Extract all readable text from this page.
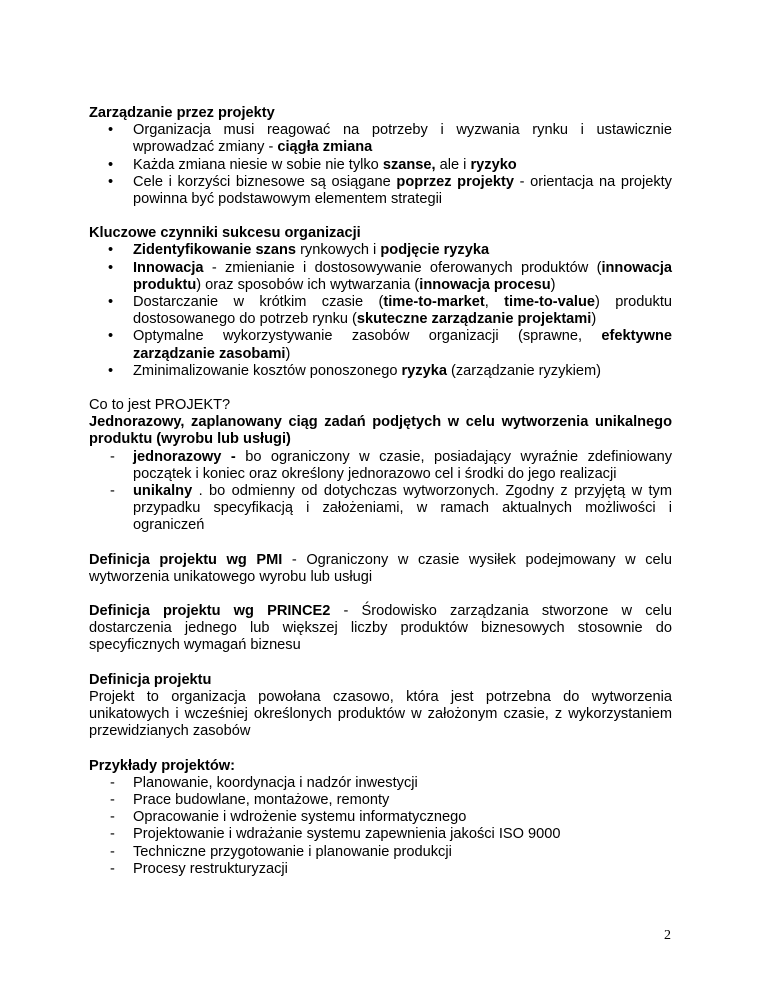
Zarządzanie przez projekty

• Organizacja musi reagować na potrzeby i wyzwania rynku i ustawicznie wprowadzać zmiany - ciągła zmiana
• Każda zmiana niesie w sobie nie tylko szanse, ale i ryzyko
• Cele i korzyści biznesowe są osiągane poprzez projekty - orientacja na projekty powinna być podstawowym elementem strategii

Kluczowe czynniki sukcesu organizacji

• Zidentyfikowanie szans rynkowych i podjęcie ryzyka
• Innowacja - zmienianie i dostosowywanie oferowanych produktów (innowacja produktu) oraz sposobów ich wytwarzania (innowacja procesu)
• Dostarczanie w krótkim czasie (time-to-market, time-to-value) produktu dostosowanego do potrzeb rynku (skuteczne zarządzanie projektami)
• Optymalne wykorzystywanie zasobów organizacji (sprawne, efektywne zarządzanie zasobami)
• Zminimalizowanie kosztów ponoszonego ryzyka (zarządzanie ryzykiem)

Co to jest PROJEKT?

Jednorazowy, zaplanowany ciąg zadań podjętych w celu wytworzenia unikalnego produktu (wyrobu lub usługi)

- jednorazowy - bo ograniczony w czasie, posiadający wyraźnie zdefiniowany początek i koniec oraz określony jednorazowo cel i środki do jego realizacji
- unikalny . bo odmienny od dotychczas wytworzonych. Zgodny z przyjętą w tym przypadku specyfikacją i założeniami, w ramach aktualnych możliwości i ograniczeń

Definicja projektu wg PMI - Ograniczony w czasie wysiłek podejmowany w celu wytworzenia unikatowego wyrobu lub usługi

Definicja projektu wg PRINCE2 - Środowisko zarządzania stworzone w celu dostarczenia jednego lub większej liczby produktów biznesowych stosownie do specyficznych wymagań biznesu

Definicja projektu

Projekt to organizacja powołana czasowo, która jest potrzebna do wytworzenia unikatowych i wcześniej określonych produktów w założonym czasie, z wykorzystaniem przewidzianych zasobów

Przykłady projektów:

- Planowanie, koordynacja i nadzór inwestycji
- Prace budowlane, montażowe, remonty
- Opracowanie i wdrożenie systemu informatycznego
- Projektowanie i wdrażanie systemu zapewnienia jakości ISO 9000
- Techniczne przygotowanie i planowanie produkcji
- Procesy restrukturyzacji
2
